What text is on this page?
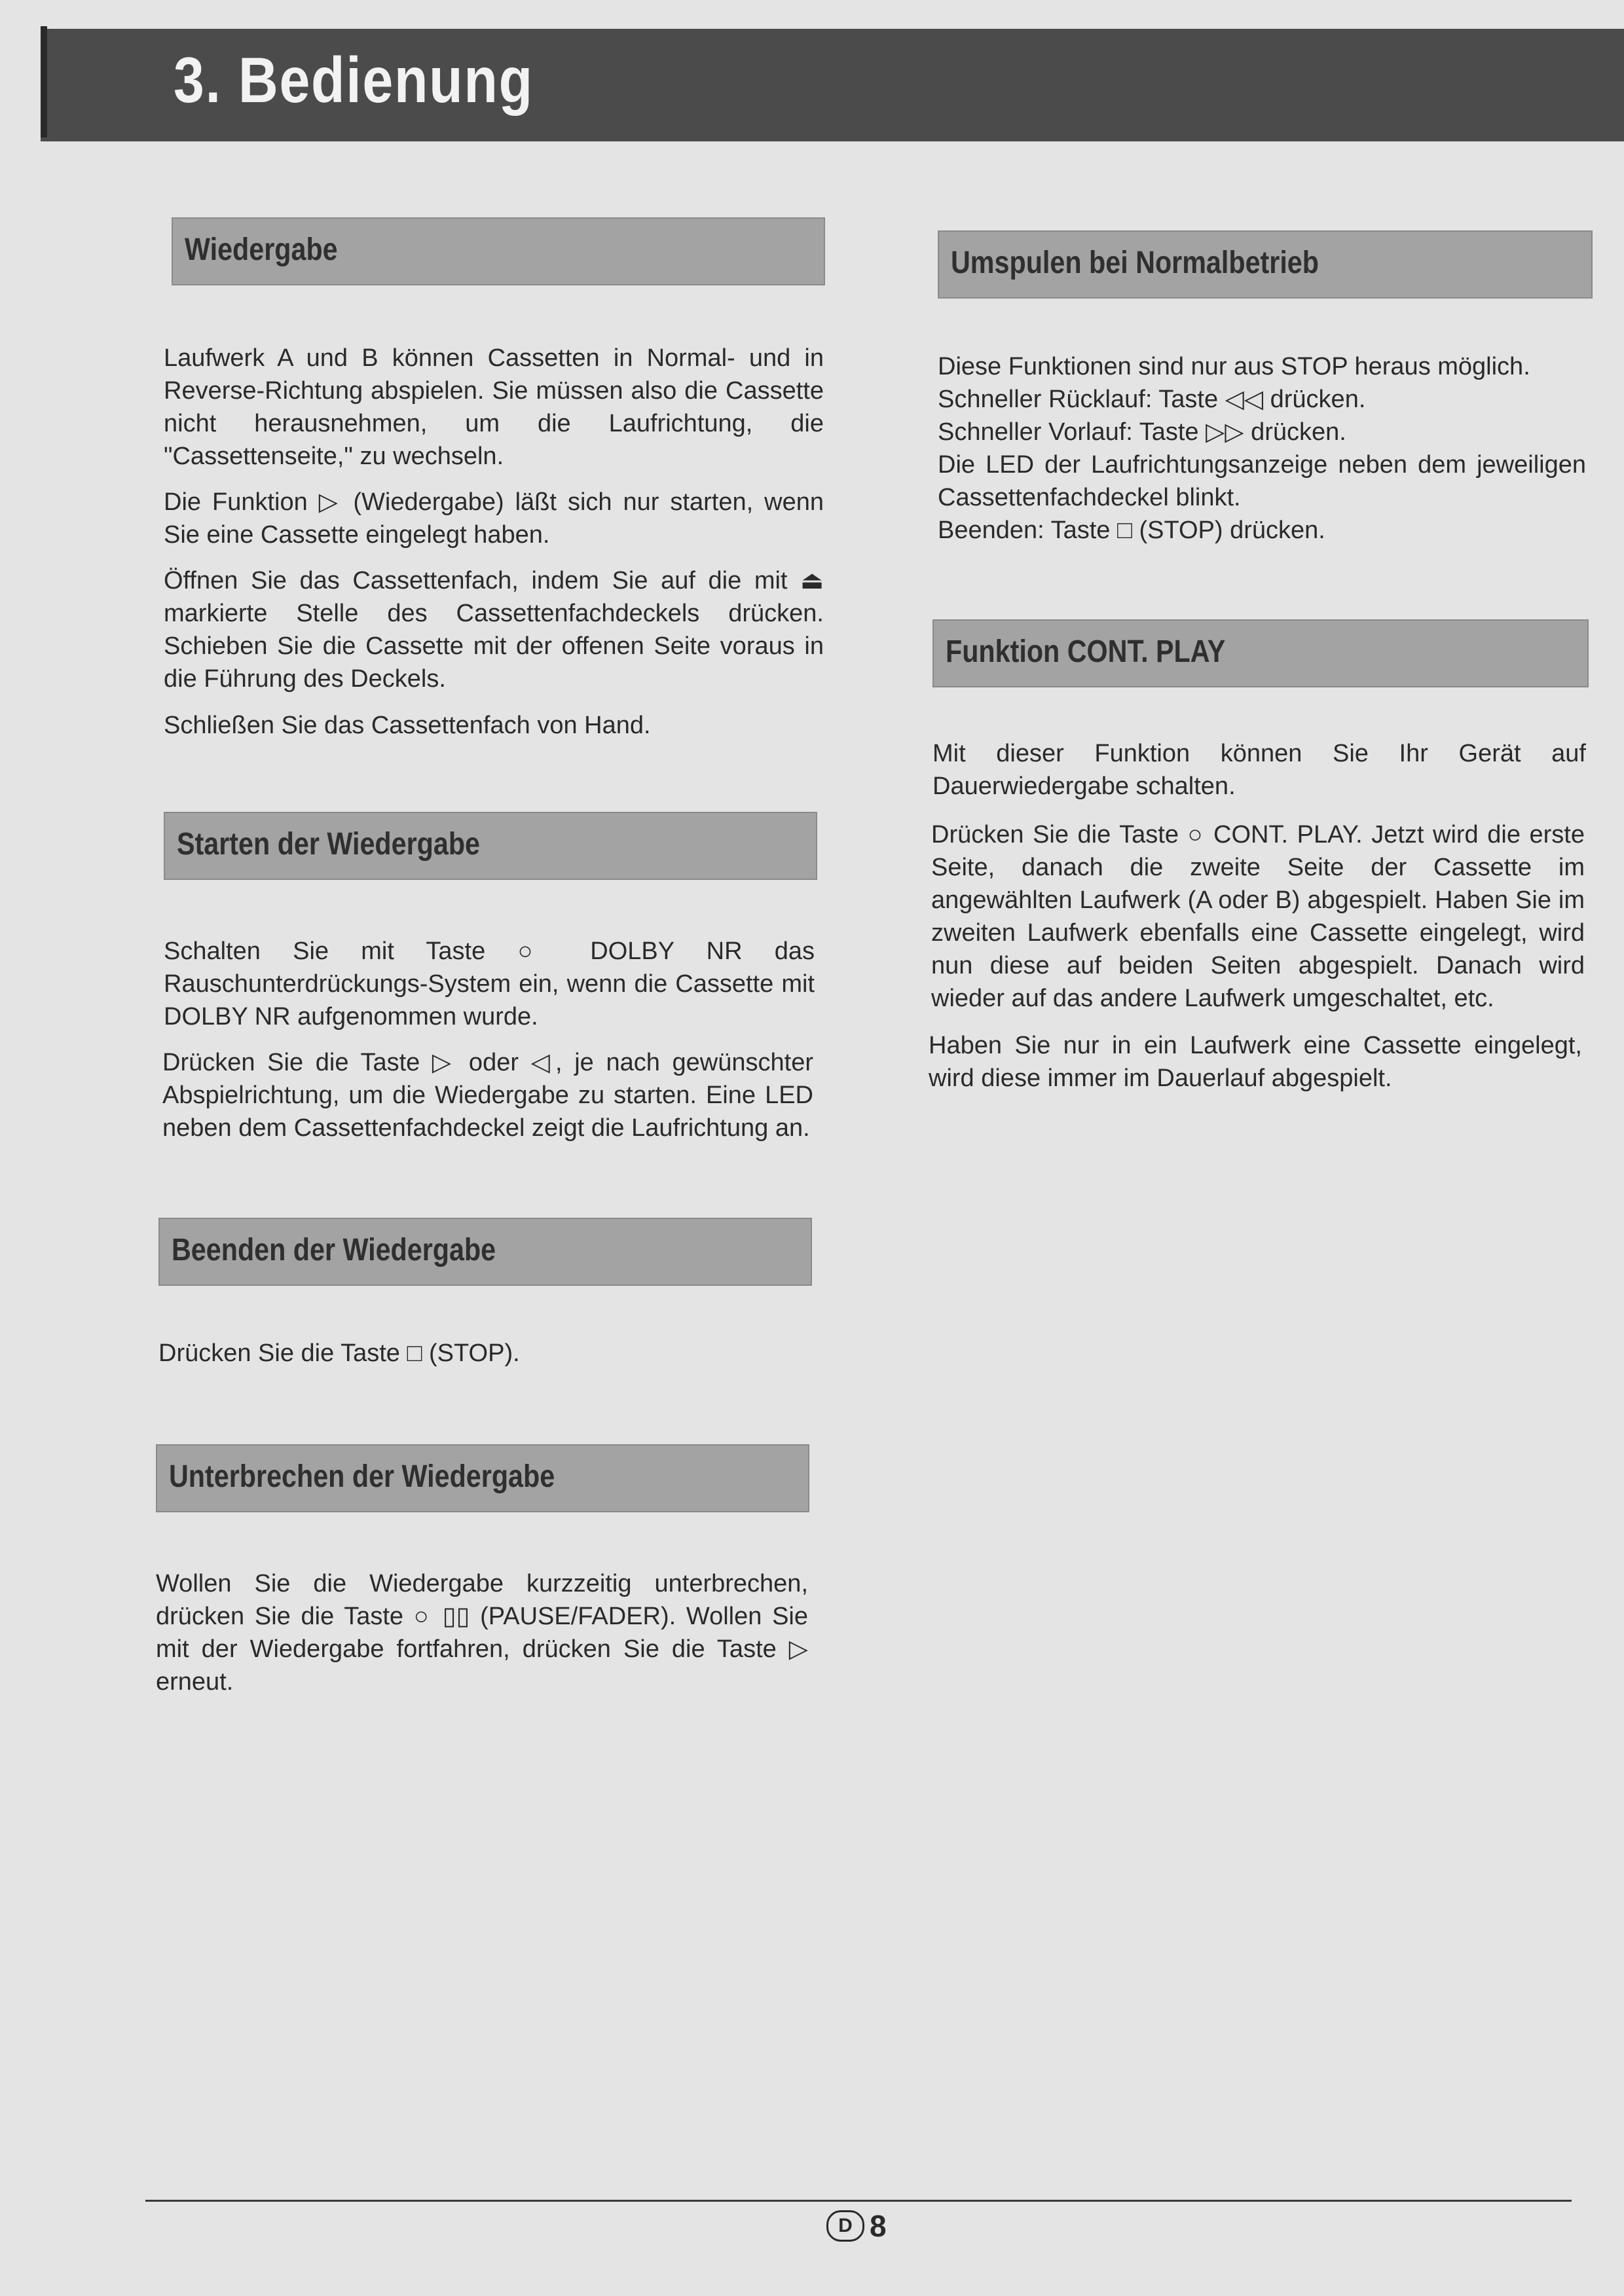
3. Bedienung
Wiedergabe

Laufwerk A und B können Cassetten in Normal- und in Reverse-Richtung abspielen. Sie müssen also die Cassette nicht herausnehmen, um die Laufrichtung, die "Cassettenseite," zu wechseln.

Die Funktion ▷ (Wiedergabe) läßt sich nur starten, wenn Sie eine Cassette eingelegt haben.

Öffnen Sie das Cassettenfach, indem Sie auf die mit ⏏ markierte Stelle des Cassettenfachdeckels drücken. Schieben Sie die Cassette mit der offenen Seite voraus in die Führung des Deckels.

Schließen Sie das Cassettenfach von Hand.

Starten der Wiedergabe

Schalten Sie mit Taste ○ DOLBY NR das Rauschunterdrückungs-System ein, wenn die Cassette mit DOLBY NR aufgenommen wurde.

Drücken Sie die Taste ▷ oder ◁, je nach gewünschter Abspielrichtung, um die Wiedergabe zu starten. Eine LED neben dem Cassettenfachdeckel zeigt die Laufrichtung an.

Beenden der Wiedergabe

Drücken Sie die Taste □ (STOP).

Unterbrechen der Wiedergabe

Wollen Sie die Wiedergabe kurzzeitig unterbrechen, drücken Sie die Taste ○ ▯▯ (PAUSE/FADER). Wollen Sie mit der Wiedergabe fortfahren, drücken Sie die Taste ▷ erneut.

Umspulen bei Normalbetrieb
Diese Funktionen sind nur aus STOP heraus möglich.
Schneller Rücklauf: Taste ◁◁ drücken.
Schneller Vorlauf: Taste ▷▷ drücken.
Die LED der Laufrichtungsanzeige neben dem jeweiligen Cassettenfachdeckel blinkt.
Beenden: Taste □ (STOP) drücken.
Funktion CONT. PLAY

Mit dieser Funktion können Sie Ihr Gerät auf Dauerwiedergabe schalten.

Drücken Sie die Taste ○ CONT. PLAY. Jetzt wird die erste Seite, danach die zweite Seite der Cassette im angewählten Laufwerk (A oder B) abgespielt. Haben Sie im zweiten Laufwerk ebenfalls eine Cassette eingelegt, wird nun diese auf beiden Seiten abgespielt. Danach wird wieder auf das andere Laufwerk umgeschaltet, etc.

Haben Sie nur in ein Laufwerk eine Cassette eingelegt, wird diese immer im Dauerlauf abgespielt.

D 8
